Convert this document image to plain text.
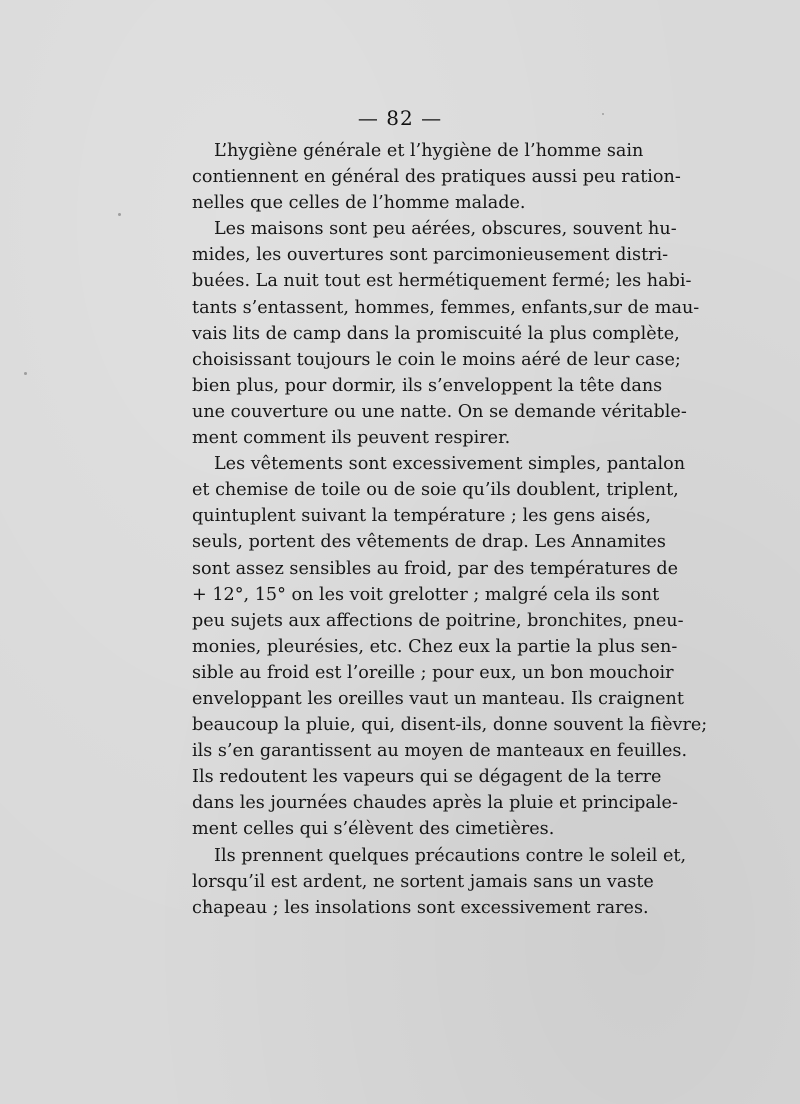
— 82 —
L’hygiène générale et l’hygiène de l’homme sain
contiennent en général des pratiques aussi peu ration-
nelles que celles de l’homme malade.
Les maisons sont peu aérées, obscures, souvent hu-
mides, les ouvertures sont parcimonieusement distri-
buées. La nuit tout est hermétiquement fermé; les habi-
tants s’entassent, hommes, femmes, enfants,sur de mau-
vais lits de camp dans la promiscuité la plus complète,
choisissant toujours le coin le moins aéré de leur case;
bien plus, pour dormir, ils s’enveloppent la tête dans
une couverture ou une natte. On se demande véritable-
ment comment ils peuvent respirer.
Les vêtements sont excessivement simples, pantalon
et chemise de toile ou de soie qu’ils doublent, triplent,
quintuplent suivant la température ; les gens aisés,
seuls, portent des vêtements de drap. Les Annamites
sont assez sensibles au froid, par des températures de
+ 12°, 15° on les voit grelotter ; malgré cela ils sont
peu sujets aux affections de poitrine, bronchites, pneu-
monies, pleurésies, etc. Chez eux la partie la plus sen-
sible au froid est l’oreille ; pour eux, un bon mouchoir
enveloppant les oreilles vaut un manteau. Ils craignent
beaucoup la pluie, qui, disent-ils, donne souvent la fièvre;
ils s’en garantissent au moyen de manteaux en feuilles.
Ils redoutent les vapeurs qui se dégagent de la terre
dans les journées chaudes après la pluie et principale-
ment celles qui s’élèvent des cimetières.
Ils prennent quelques précautions contre le soleil et,
lorsqu’il est ardent, ne sortent jamais sans un vaste
chapeau ; les insolations sont excessivement rares.
